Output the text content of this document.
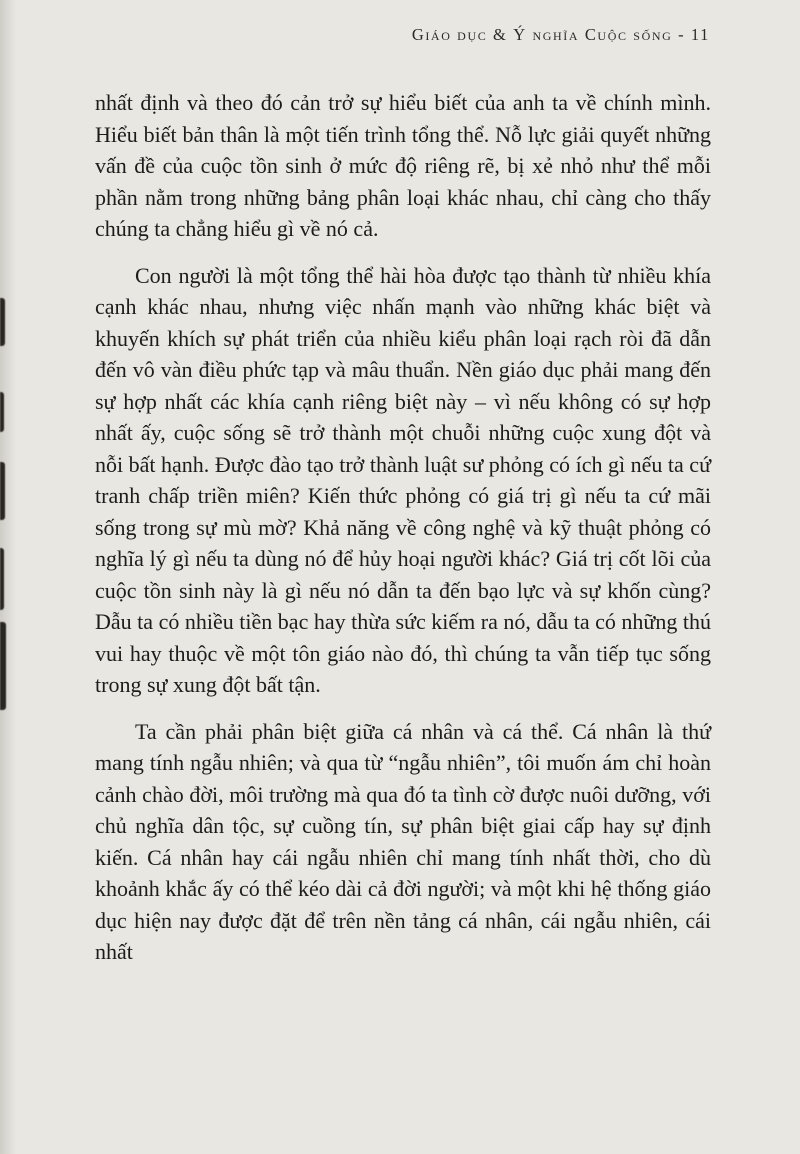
Giáo dục & Ý nghĩa Cuộc sống - 11

nhất định và theo đó cản trở sự hiểu biết của anh ta về chính mình. Hiểu biết bản thân là một tiến trình tổng thể. Nỗ lực giải quyết những vấn đề của cuộc tồn sinh ở mức độ riêng rẽ, bị xẻ nhỏ như thể mỗi phần nằm trong những bảng phân loại khác nhau, chỉ càng cho thấy chúng ta chẳng hiểu gì về nó cả.

Con người là một tổng thể hài hòa được tạo thành từ nhiều khía cạnh khác nhau, nhưng việc nhấn mạnh vào những khác biệt và khuyến khích sự phát triển của nhiều kiểu phân loại rạch ròi đã dẫn đến vô vàn điều phức tạp và mâu thuẩn. Nền giáo dục phải mang đến sự hợp nhất các khía cạnh riêng biệt này – vì nếu không có sự hợp nhất ấy, cuộc sống sẽ trở thành một chuỗi những cuộc xung đột và nỗi bất hạnh. Được đào tạo trở thành luật sư phỏng có ích gì nếu ta cứ tranh chấp triền miên? Kiến thức phỏng có giá trị gì nếu ta cứ mãi sống trong sự mù mờ? Khả năng về công nghệ và kỹ thuật phỏng có nghĩa lý gì nếu ta dùng nó để hủy hoại người khác? Giá trị cốt lõi của cuộc tồn sinh này là gì nếu nó dẫn ta đến bạo lực và sự khốn cùng? Dẫu ta có nhiều tiền bạc hay thừa sức kiếm ra nó, dẫu ta có những thú vui hay thuộc về một tôn giáo nào đó, thì chúng ta vẫn tiếp tục sống trong sự xung đột bất tận.

Ta cần phải phân biệt giữa cá nhân và cá thể. Cá nhân là thứ mang tính ngẫu nhiên; và qua từ “ngẫu nhiên”, tôi muốn ám chỉ hoàn cảnh chào đời, môi trường mà qua đó ta tình cờ được nuôi dưỡng, với chủ nghĩa dân tộc, sự cuồng tín, sự phân biệt giai cấp hay sự định kiến. Cá nhân hay cái ngẫu nhiên chỉ mang tính nhất thời, cho dù khoảnh khắc ấy có thể kéo dài cả đời người; và một khi hệ thống giáo dục hiện nay được đặt để trên nền tảng cá nhân, cái ngẫu nhiên, cái nhất
